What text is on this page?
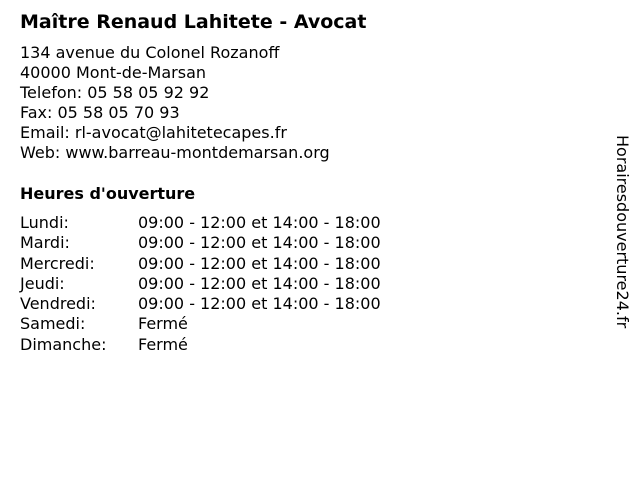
Maître Renaud Lahitete - Avocat
134 avenue du Colonel Rozanoff
40000 Mont-de-Marsan
Telefon: 05 58 05 92 92
Fax: 05 58 05 70 93
Email: rl-avocat@lahitetecapes.fr
Web: www.barreau-montdemarsan.org
Heures d'ouverture
Lundi:	09:00 - 12:00 et 14:00 - 18:00
Mardi:	09:00 - 12:00 et 14:00 - 18:00
Mercredi:	09:00 - 12:00 et 14:00 - 18:00
Jeudi:	09:00 - 12:00 et 14:00 - 18:00
Vendredi:	09:00 - 12:00 et 14:00 - 18:00
Samedi:	Fermé
Dimanche: Fermé
Horairesdouverture24.fr
